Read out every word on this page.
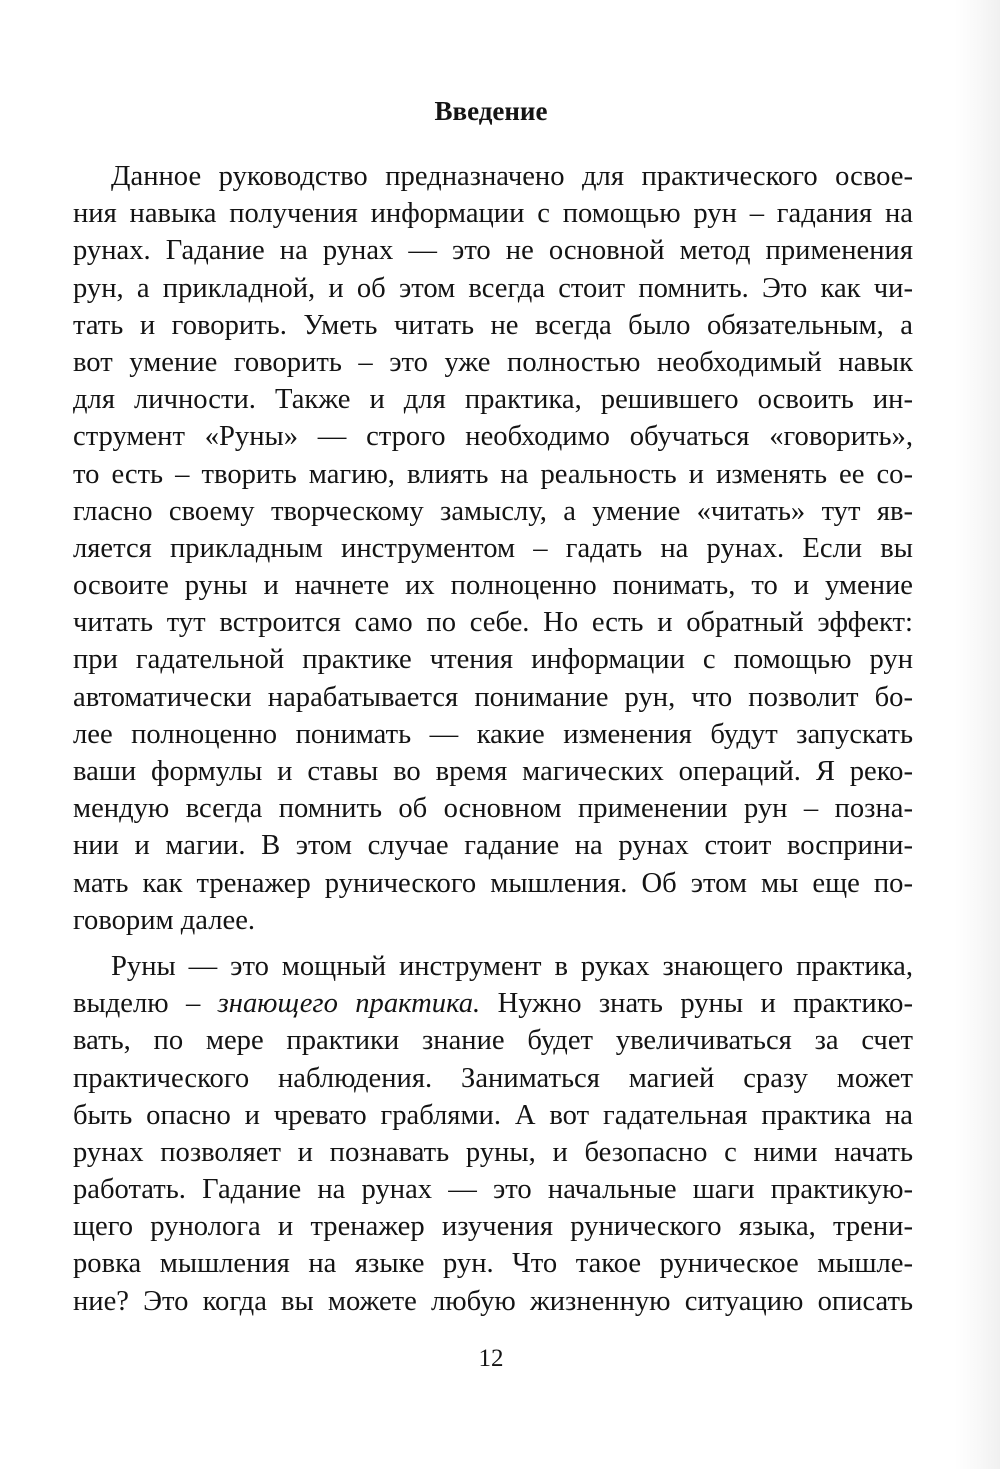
Введение
Данное руководство предназначено для практического освое-
ния навыка получения информации с помощью рун – гадания на
рунах. Гадание на рунах — это не основной метод применения
рун, а прикладной, и об этом всегда стоит помнить. Это как чи-
тать и говорить. Уметь читать не всегда было обязательным, а
вот умение говорить – это уже полностью необходимый навык
для личности. Также и для практика, решившего освоить ин-
струмент «Руны» — строго необходимо обучаться «говорить»,
то есть – творить магию, влиять на реальность и изменять ее со-
гласно своему творческому замыслу, а умение «читать» тут яв-
ляется прикладным инструментом – гадать на рунах. Если вы
освоите руны и начнете их полноценно понимать, то и умение
читать тут встроится само по себе. Но есть и обратный эффект:
при гадательной практике чтения информации с помощью рун
автоматически нарабатывается понимание рун, что позволит бо-
лее полноценно понимать — какие изменения будут запускать
ваши формулы и ставы во время магических операций. Я реко-
мендую всегда помнить об основном применении рун – позна-
нии и магии. В этом случае гадание на рунах стоит восприни-
мать как тренажер рунического мышления. Об этом мы еще по-
говорим далее.
Руны — это мощный инструмент в руках знающего практика,
выделю – знающего практика. Нужно знать руны и практико-
вать, по мере практики знание будет увеличиваться за счет
практического наблюдения. Заниматься магией сразу может
быть опасно и чревато граблями. А вот гадательная практика на
рунах позволяет и познавать руны, и безопасно с ними начать
работать. Гадание на рунах — это начальные шаги практикую-
щего рунолога и тренажер изучения рунического языка, трени-
ровка мышления на языке рун. Что такое руническое мышле-
ние? Это когда вы можете любую жизненную ситуацию описать
12
